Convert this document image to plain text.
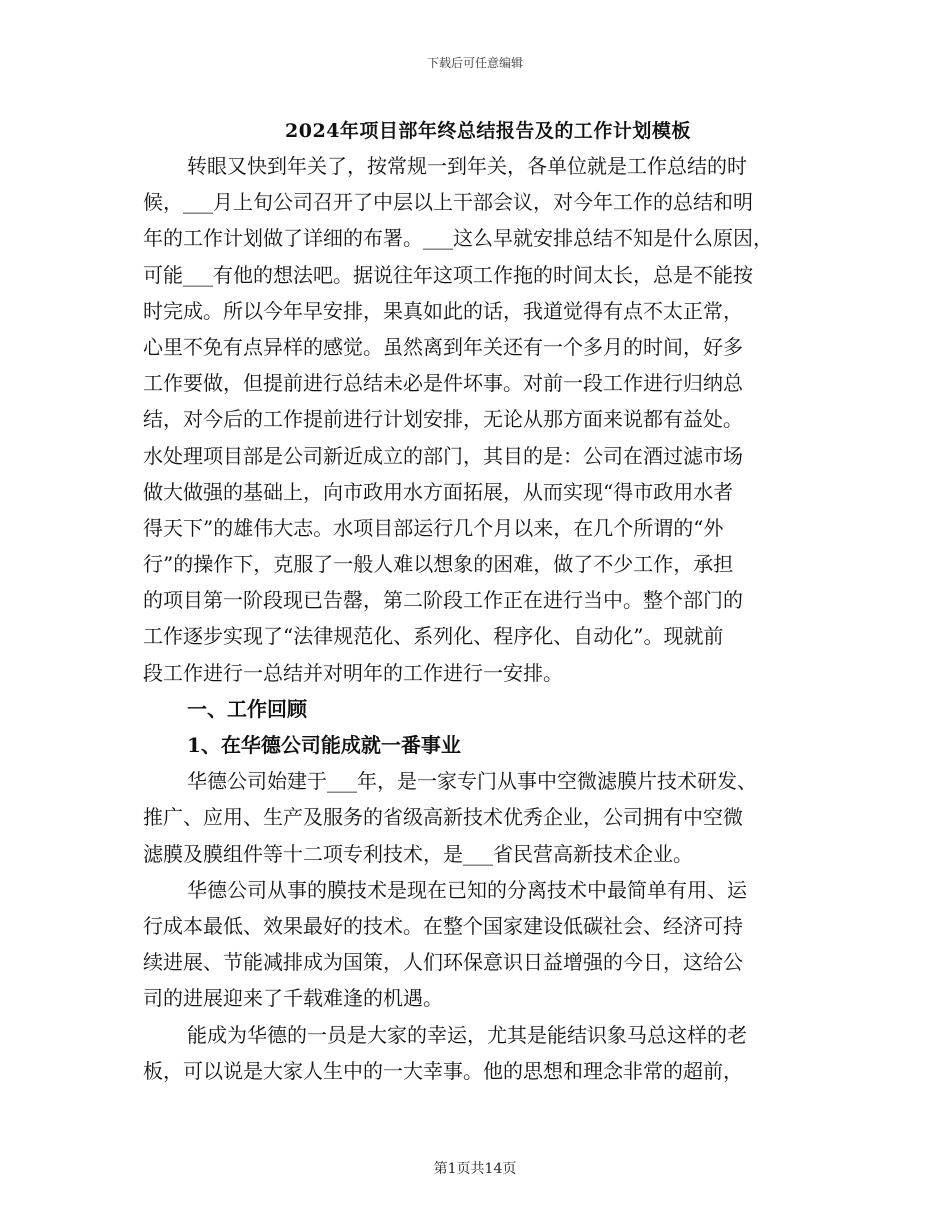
下载后可任意编辑
2024年项目部年终总结报告及的工作计划模板
转眼又快到年关了，按常规一到年关，各单位就是工作总结的时
候，___月上旬公司召开了中层以上干部会议，对今年工作的总结和明
年的工作计划做了详细的布署。___这么早就安排总结不知是什么原因，
可能___有他的想法吧。据说往年这项工作拖的时间太长，总是不能按
时完成。所以今年早安排，果真如此的话，我道觉得有点不太正常，
心里不免有点异样的感觉。虽然离到年关还有一个多月的时间，好多
工作要做，但提前进行总结未必是件坏事。对前一段工作进行归纳总
结，对今后的工作提前进行计划安排，无论从那方面来说都有益处。
水处理项目部是公司新近成立的部门，其目的是：公司在酒过滤市场
做大做强的基础上，向市政用水方面拓展，从而实现“得市政用水者
得天下”的雄伟大志。水项目部运行几个月以来，在几个所谓的“外
行”的操作下，克服了一般人难以想象的困难，做了不少工作，承担
的项目第一阶段现已告罄，第二阶段工作正在进行当中。整个部门的
工作逐步实现了“法律规范化、系列化、程序化、自动化”。现就前
段工作进行一总结并对明年的工作进行一安排。
一、工作回顾
1、在华德公司能成就一番事业
华德公司始建于___年，是一家专门从事中空微滤膜片技术研发、
推广、应用、生产及服务的省级高新技术优秀企业，公司拥有中空微
滤膜及膜组件等十二项专利技术，是___省民营高新技术企业。
华德公司从事的膜技术是现在已知的分离技术中最简单有用、运
行成本最低、效果最好的技术。在整个国家建设低碳社会、经济可持
续进展、节能减排成为国策，人们环保意识日益增强的今日，这给公
司的进展迎来了千载难逢的机遇。
能成为华德的一员是大家的幸运，尤其是能结识象马总这样的老
板，可以说是大家人生中的一大幸事。他的思想和理念非常的超前，
第1页共14页
